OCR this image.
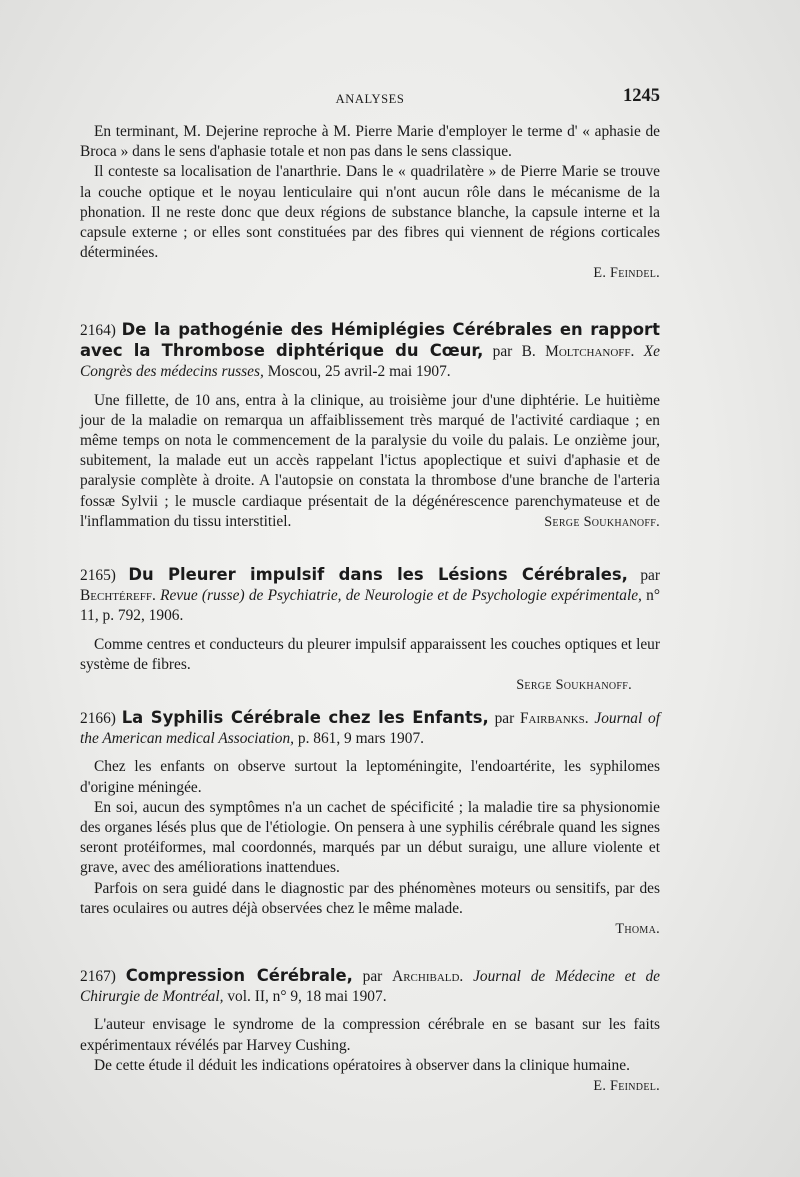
ANALYSES	1245

En terminant, M. Dejerine reproche à M. Pierre Marie d'employer le terme d' « aphasie de Broca » dans le sens d'aphasie totale et non pas dans le sens classique.

Il conteste sa localisation de l'anarthrie. Dans le « quadrilatère » de Pierre Marie se trouve la couche optique et le noyau lenticulaire qui n'ont aucun rôle dans le mécanisme de la phonation. Il ne reste donc que deux régions de substance blanche, la capsule interne et la capsule externe ; or elles sont constituées par des fibres qui viennent de régions corticales déterminées.

E. Feindel.
2164) De la pathogénie des Hémiplégies Cérébrales en rapport avec la Thrombose diphtérique du Cœur, par B. Moltchanoff. Xe Congrès des médecins russes, Moscou, 25 avril-2 mai 1907.

Une fillette, de 10 ans, entra à la clinique, au troisième jour d'une diphtérie. Le huitième jour de la maladie on remarqua un affaiblissement très marqué de l'activité cardiaque ; en même temps on nota le commencement de la paralysie du voile du palais. Le onzième jour, subitement, la malade eut un accès rappelant l'ictus apoplectique et suivi d'aphasie et de paralysie complète à droite. A l'autopsie on constata la thrombose d'une branche de l'arteria fossæ Sylvii ; le muscle cardiaque présentait de la dégénérescence parenchymateuse et de l'inflammation du tissu interstitiel.	Serge Soukhanoff.

2165) Du Pleurer impulsif dans les Lésions Cérébrales, par Bechtéreff. Revue (russe) de Psychiatrie, de Neurologie et de Psychologie expérimentale, n° 11, p. 792, 1906.

Comme centres et conducteurs du pleurer impulsif apparaissent les couches optiques et leur système de fibres.

Serge Soukhanoff.
2166) La Syphilis Cérébrale chez les Enfants, par Fairbanks. Journal of the American medical Association, p. 861, 9 mars 1907.

Chez les enfants on observe surtout la leptoméningite, l'endoartérite, les syphilomes d'origine méningée.

En soi, aucun des symptômes n'a un cachet de spécificité ; la maladie tire sa physionomie des organes lésés plus que de l'étiologie. On pensera à une syphilis cérébrale quand les signes seront protéiformes, mal coordonnés, marqués par un début suraigu, une allure violente et grave, avec des améliorations inattendues.

Parfois on sera guidé dans le diagnostic par des phénomènes moteurs ou sensitifs, par des tares oculaires ou autres déjà observées chez le même malade.

Thoma.
2167) Compression Cérébrale, par Archibald. Journal de Médecine et de Chirurgie de Montréal, vol. II, n° 9, 18 mai 1907.

L'auteur envisage le syndrome de la compression cérébrale en se basant sur les faits expérimentaux révélés par Harvey Cushing.

De cette étude il déduit les indications opératoires à observer dans la clinique humaine.
E. Feindel.
